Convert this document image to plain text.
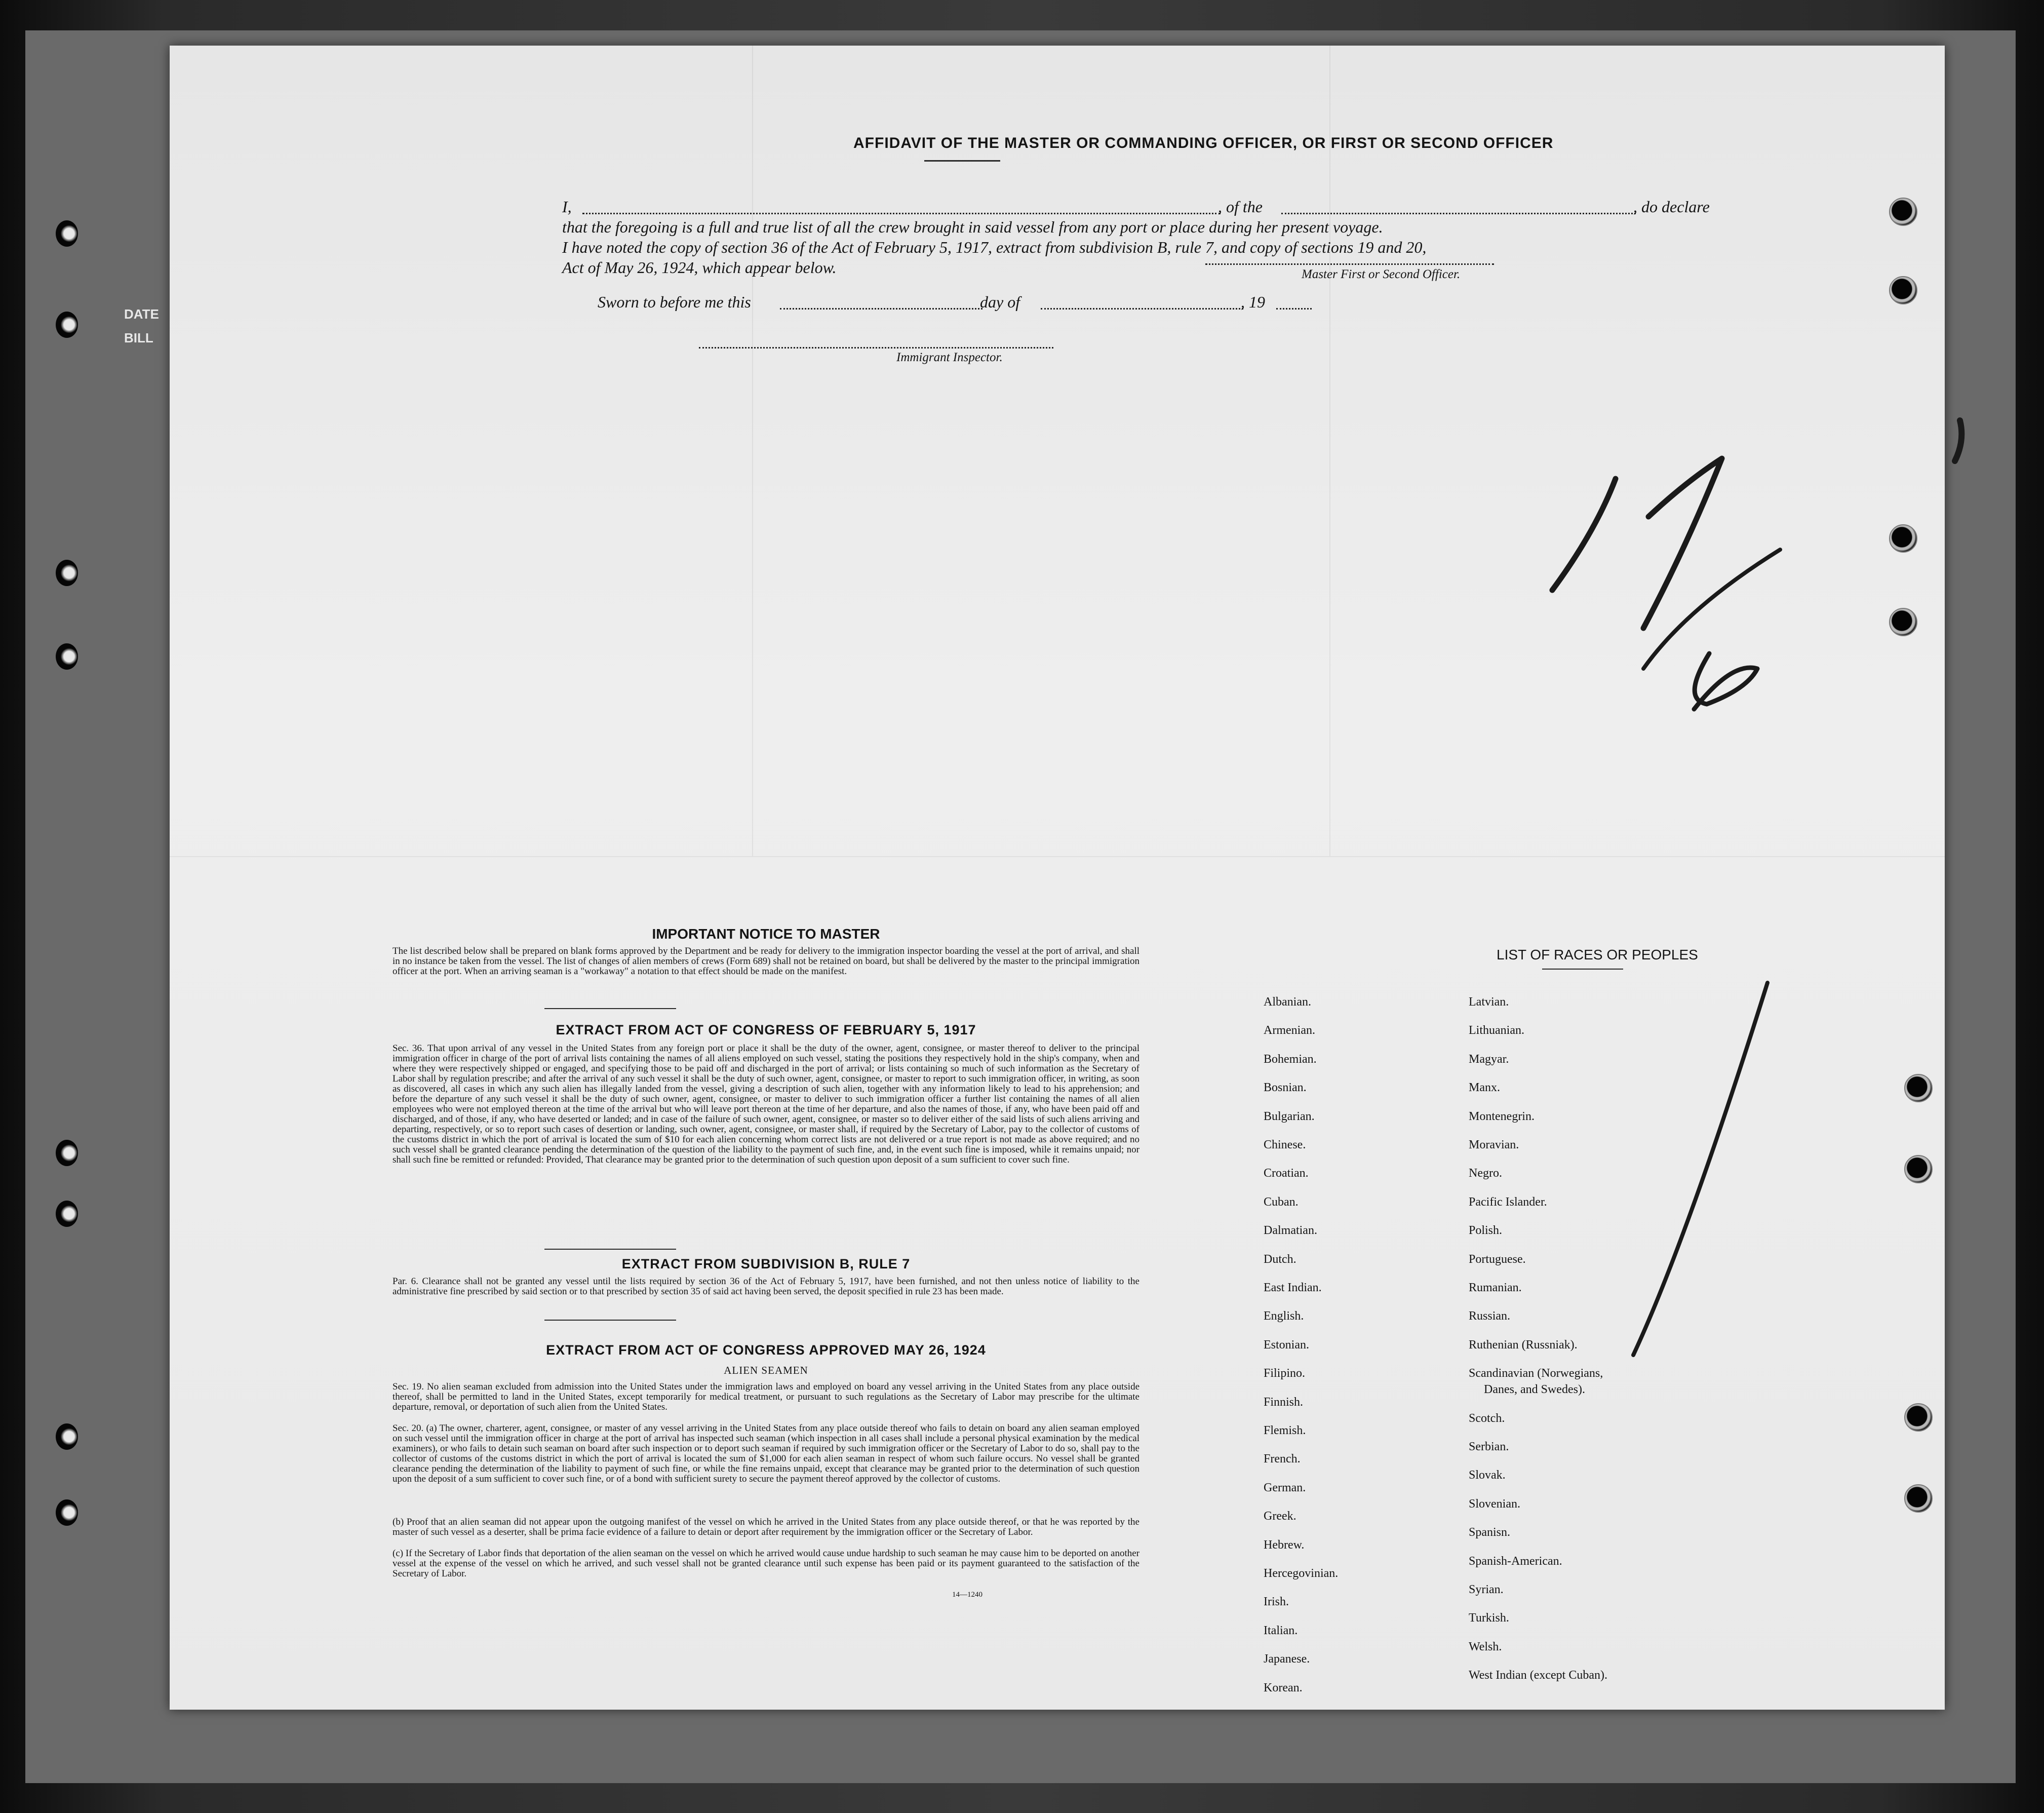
DATE
BILL
AFFIDAVIT OF THE MASTER OR COMMANDING OFFICER, OR FIRST OR SECOND OFFICER
I,	, of the	, do declare
that the foregoing is a full and true list of all the crew brought in said vessel from any port or place during her present voyage.
I have noted the copy of section 36 of the Act of February 5, 1917, extract from subdivision B, rule 7, and copy of sections 19 and 20,
Act of May 26, 1924, which appear below.	Master First or Second Officer.
Sworn to before me this	day of	, 19
Immigrant Inspector.
IMPORTANT NOTICE TO MASTER
The list described below shall be prepared on blank forms approved by the Department and be ready for delivery to the immigration inspector boarding the vessel at the port of arrival, and shall in no instance be taken from the vessel. The list of changes of alien members of crews (Form 689) shall not be retained on board, but shall be delivered by the master to the principal immigration officer at the port. When an arriving seaman is a "workaway" a notation to that effect should be made on the manifest.
EXTRACT FROM ACT OF CONGRESS OF FEBRUARY 5, 1917
Sec. 36. That upon arrival of any vessel in the United States from any foreign port or place it shall be the duty of the owner, agent, consignee, or master thereof to deliver to the principal immigration officer in charge of the port of arrival lists containing the names of all aliens employed on such vessel, stating the positions they respectively hold in the ship's company, when and where they were respectively shipped or engaged, and specifying those to be paid off and discharged in the port of arrival; or lists containing so much of such information as the Secretary of Labor shall by regulation prescribe; and after the arrival of any such vessel it shall be the duty of such owner, agent, consignee, or master to report to such immigration officer, in writing, as soon as discovered, all cases in which any such alien has illegally landed from the vessel, giving a description of such alien, together with any information likely to lead to his apprehension; and before the departure of any such vessel it shall be the duty of such owner, agent, consignee, or master to deliver to such immigration officer a further list containing the names of all alien employees who were not employed thereon at the time of the arrival but who will leave port thereon at the time of her departure, and also the names of those, if any, who have been paid off and discharged, and of those, if any, who have deserted or landed; and in case of the failure of such owner, agent, consignee, or master so to deliver either of the said lists of such aliens arriving and departing, respectively, or so to report such cases of desertion or landing, such owner, agent, consignee, or master shall, if required by the Secretary of Labor, pay to the collector of customs of the customs district in which the port of arrival is located the sum of $10 for each alien concerning whom correct lists are not delivered or a true report is not made as above required; and no such vessel shall be granted clearance pending the determination of the question of the liability to the payment of such fine, and, in the event such fine is imposed, while it remains unpaid; nor shall such fine be remitted or refunded: Provided, That clearance may be granted prior to the determination of such question upon deposit of a sum sufficient to cover such fine.
EXTRACT FROM SUBDIVISION B, RULE 7
Par. 6. Clearance shall not be granted any vessel until the lists required by section 36 of the Act of February 5, 1917, have been furnished, and not then unless notice of liability to the administrative fine prescribed by said section or to that prescribed by section 35 of said act having been served, the deposit specified in rule 23 has been made.
EXTRACT FROM ACT OF CONGRESS APPROVED MAY 26, 1924
ALIEN SEAMEN
Sec. 19. No alien seaman excluded from admission into the United States under the immigration laws and employed on board any vessel arriving in the United States from any place outside thereof, shall be permitted to land in the United States, except temporarily for medical treatment, or pursuant to such regulations as the Secretary of Labor may prescribe for the ultimate departure, removal, or deportation of such alien from the United States.
Sec. 20. (a) The owner, charterer, agent, consignee, or master of any vessel arriving in the United States from any place outside thereof who fails to detain on board any alien seaman employed on such vessel until the immigration officer in charge at the port of arrival has inspected such seaman (which inspection in all cases shall include a personal physical examination by the medical examiners), or who fails to detain such seaman on board after such inspection or to deport such seaman if required by such immigration officer or the Secretary of Labor to do so, shall pay to the collector of customs of the customs district in which the port of arrival is located the sum of $1,000 for each alien seaman in respect of whom such failure occurs. No vessel shall be granted clearance pending the determination of the liability to payment of such fine, or while the fine remains unpaid, except that clearance may be granted prior to the determination of such question upon the deposit of a sum sufficient to cover such fine, or of a bond with sufficient surety to secure the payment thereof approved by the collector of customs.
(b) Proof that an alien seaman did not appear upon the outgoing manifest of the vessel on which he arrived in the United States from any place outside thereof, or that he was reported by the master of such vessel as a deserter, shall be prima facie evidence of a failure to detain or deport after requirement by the immigration officer or the Secretary of Labor.
(c) If the Secretary of Labor finds that deportation of the alien seaman on the vessel on which he arrived would cause undue hardship to such seaman he may cause him to be deported on another vessel at the expense of the vessel on which he arrived, and such vessel shall not be granted clearance until such expense has been paid or its payment guaranteed to the satisfaction of the Secretary of Labor.
14—1240
LIST OF RACES OR PEOPLES
Albanian.
Armenian.
Bohemian.
Bosnian.
Bulgarian.
Chinese.
Croatian.
Cuban.
Dalmatian.
Dutch.
East Indian.
English.
Estonian.
Filipino.
Finnish.
Flemish.
French.
German.
Greek.
Hebrew.
Hercegovinian.
Irish.
Italian.
Japanese.
Korean.
Latvian.
Lithuanian.
Magyar.
Manx.
Montenegrin.
Moravian.
Negro.
Pacific Islander.
Polish.
Portuguese.
Rumanian.
Russian.
Ruthenian (Russniak).
Scandinavian (Norwegians,
Danes, and Swedes).
Scotch.
Serbian.
Slovak.
Slovenian.
Spanisn.
Spanish-American.
Syrian.
Turkish.
Welsh.
West Indian (except Cuban).
